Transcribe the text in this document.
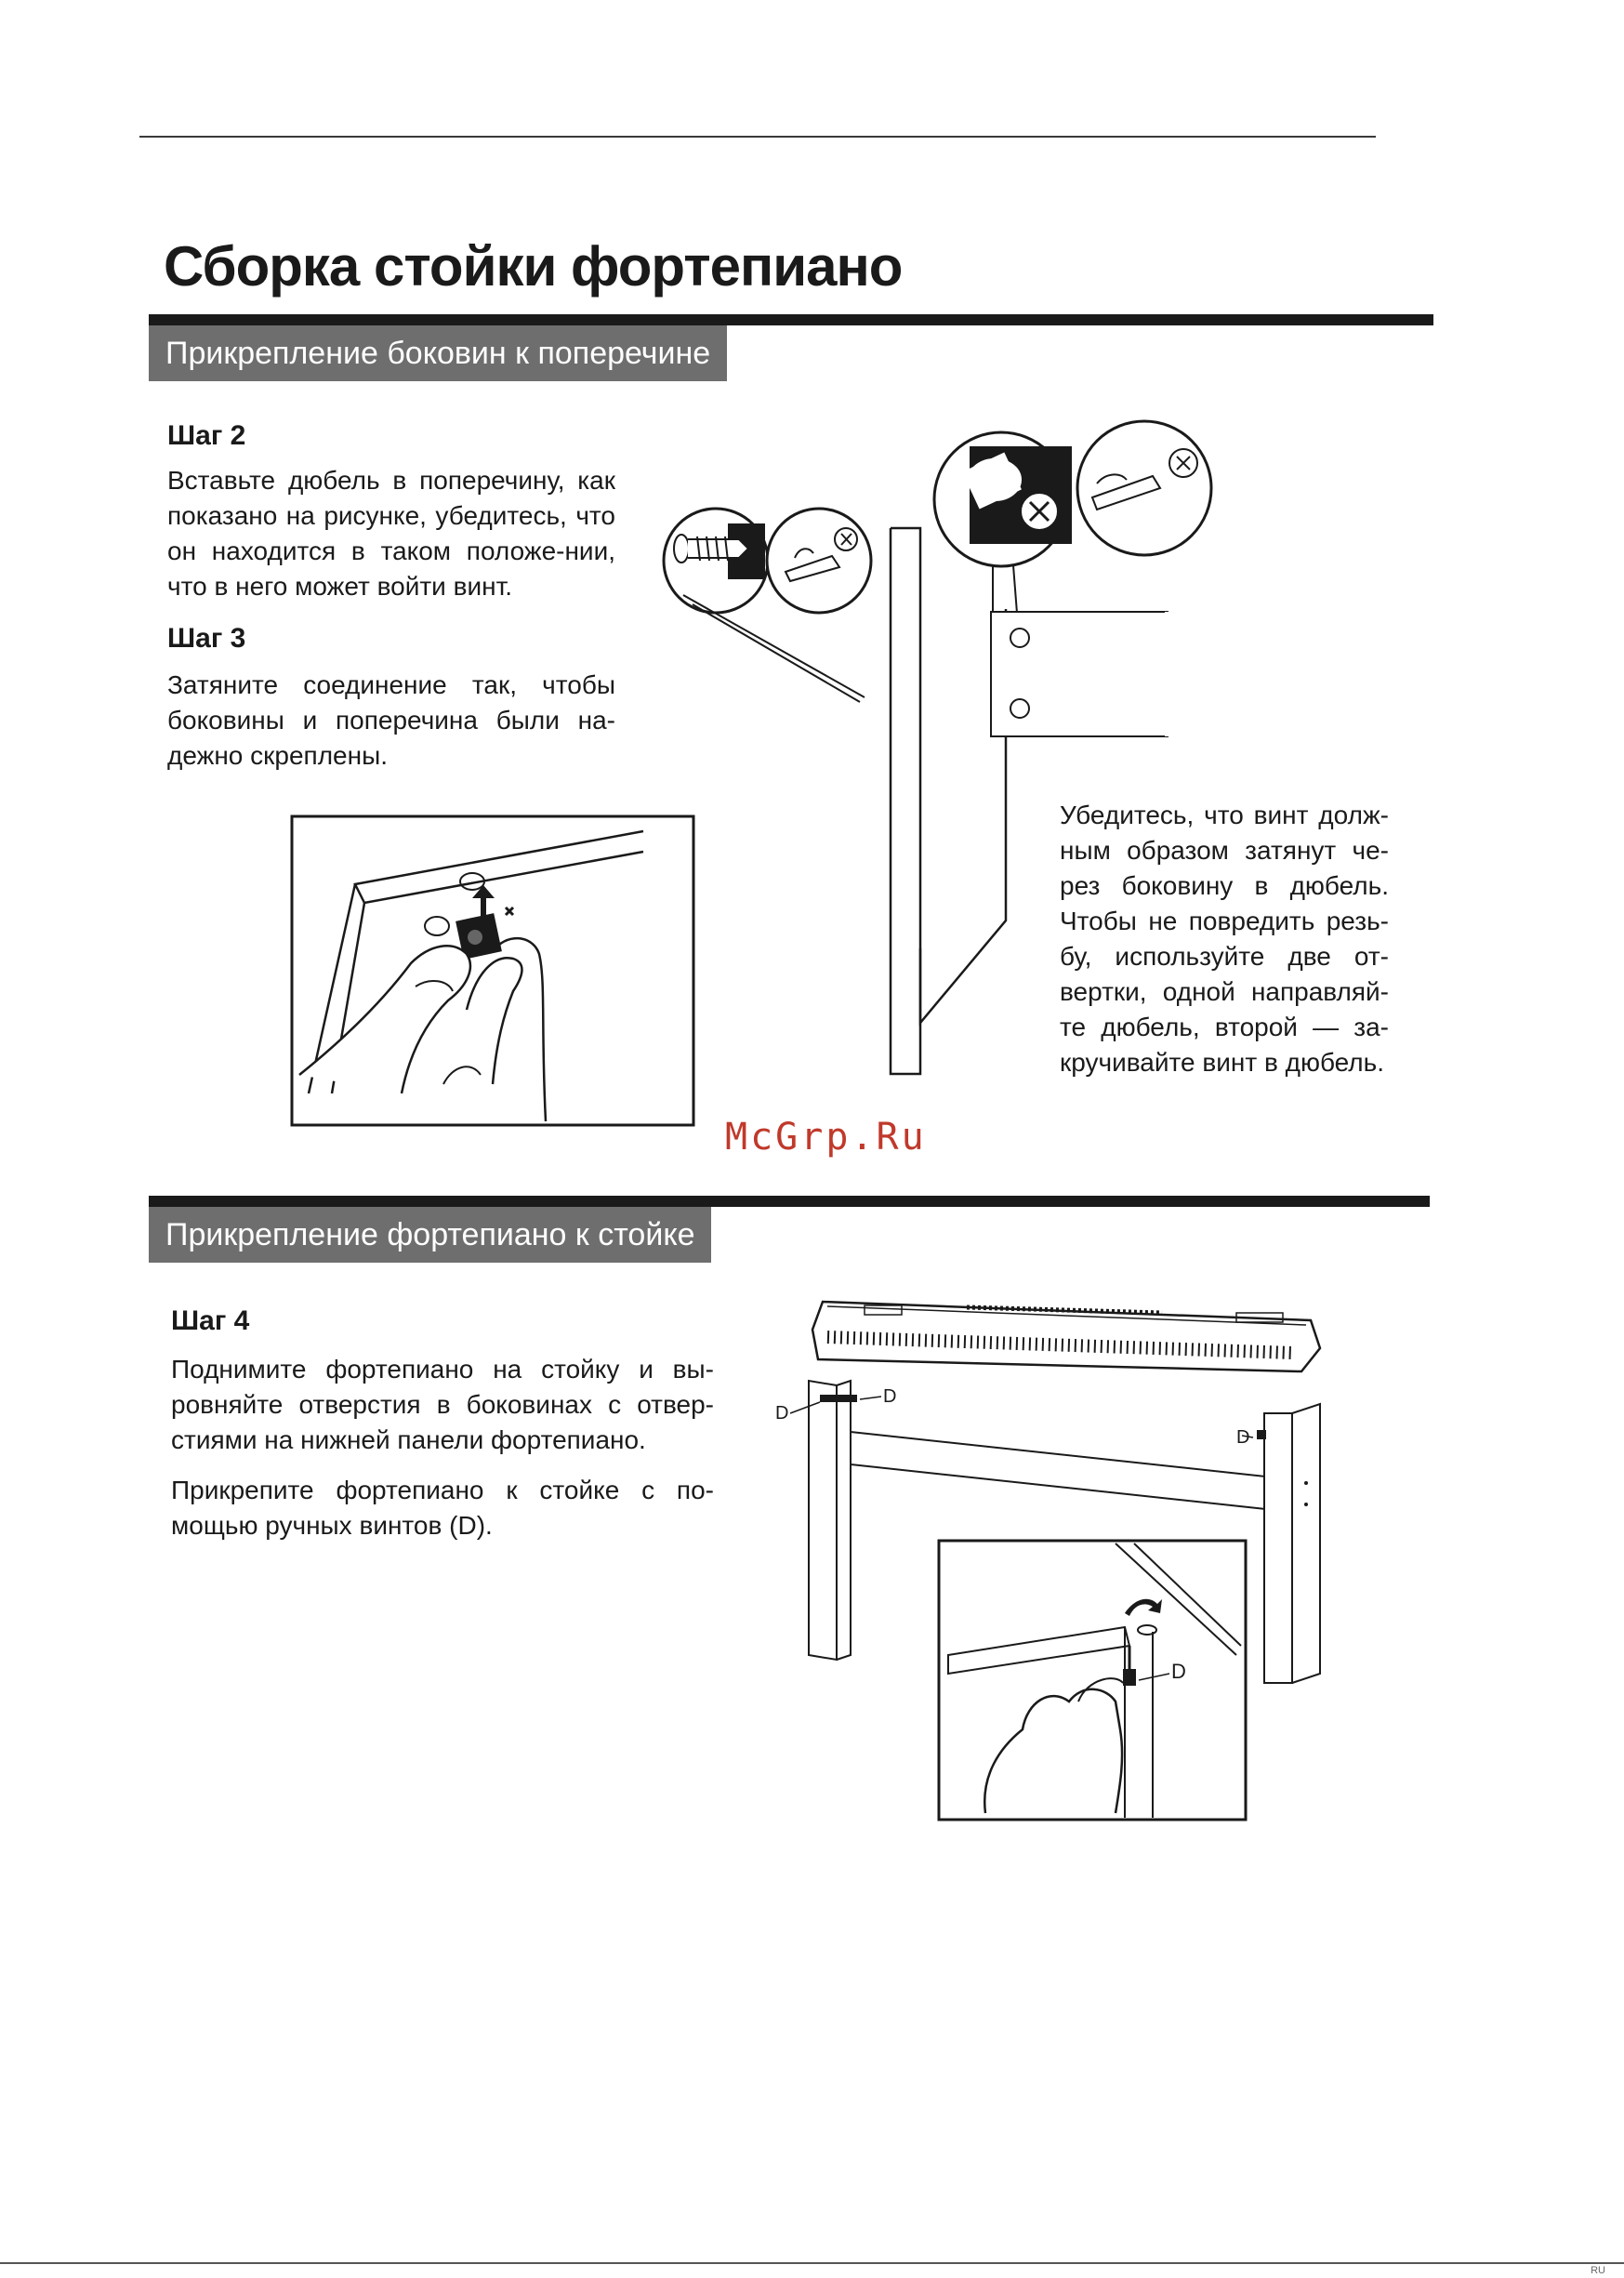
Сборка стойки фортепиано
Прикрепление боковин к поперечине
Шаг 2
Вставьте дюбель в поперечину, как показано на рисунке, убедитесь, что он находится в таком положе-нии, что в него может войти винт.
Шаг 3
Затяните соединение так, чтобы боковины и поперечина были на-дежно скреплены.
Убедитесь, что винт долж-ным образом затянут че-рез боковину в дюбель. Чтобы не повредить резь-бу, используйте две от-вертки, одной направляй-те дюбель, второй — за-кручивайте винт в дюбель.
McGrp.Ru
Прикрепление фортепиано к стойке
Шаг 4
Поднимите фортепиано на стойку и вы-ровняйте отверстия в боковинах с отвер-стиями на нижней панели фортепиано.
Прикрепите фортепиано к стойке с по-мощью ручных винтов (D).
D
D
D
D
RU
